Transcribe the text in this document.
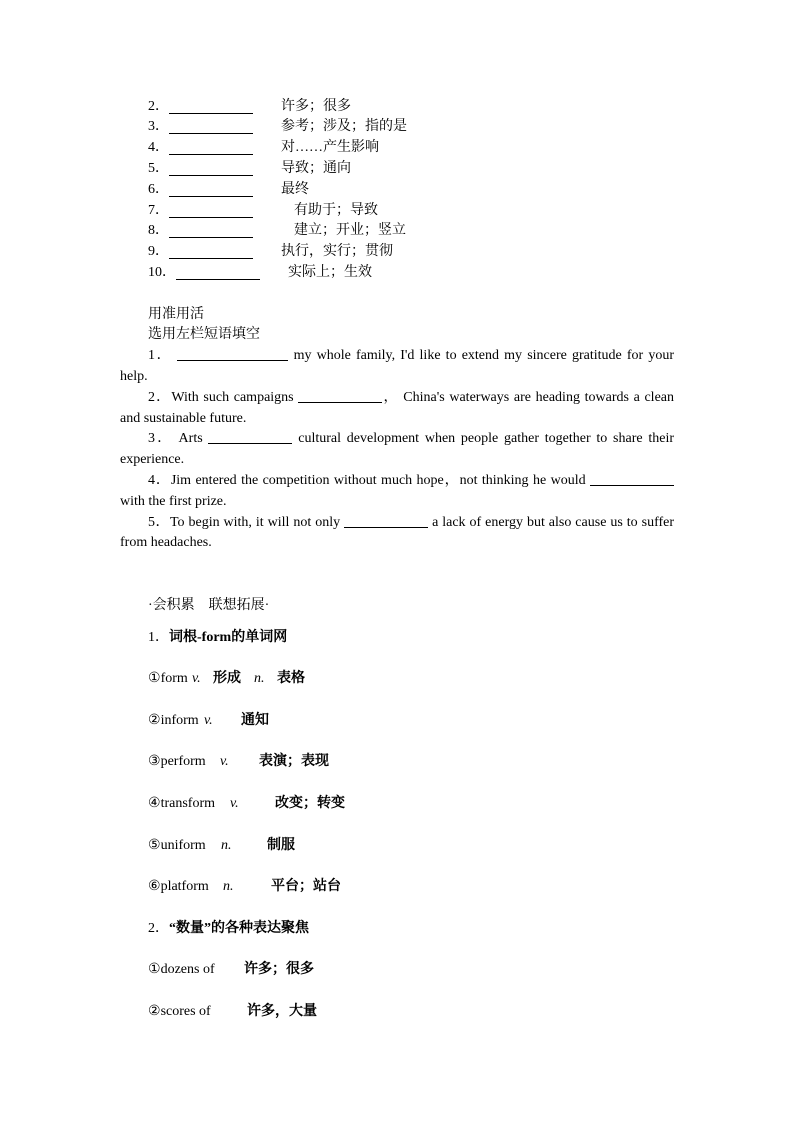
2．	许多；很多
3．	参考；涉及；指的是
4．	对……产生影响
5．	导致；通向
6．	最终
7．	有助于；导致
8．	建立；开业；竖立
9．	执行，实行；贯彻
10．	实际上；生效
用准用活
选用左栏短语填空
1．	my whole family, I'd like to extend my sincere gratitude for your help.
2．With such campaigns	， China's waterways are heading towards a clean and sustainable future.
3． Arts	cultural development when people gather together to share their experience.
4．Jim entered the competition without much hope，not thinking he would  with the first prize.
5．To begin with, it will not only	a lack of energy but also cause us to suffer from headaches.
·会积累　联想拓展·
1．词根-form的单词网
①form v. 形成 n. 表格
②inform v. 通知
③perform v. 表演；表现
④transform v.	改变；转变
⑤uniform n.	制服
⑥platform n.	平台；站台
2．“数量”的各种表达聚焦
①dozens of 许多；很多
②scores of	许多，大量
